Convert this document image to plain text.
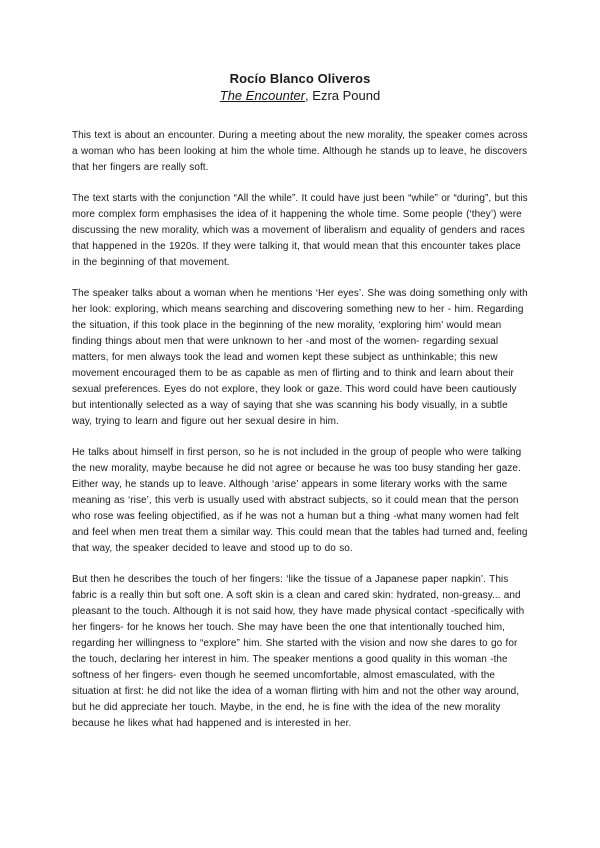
Rocío Blanco Oliveros

The Encounter, Ezra Pound

This text is about an encounter. During a meeting about the new morality, the speaker comes across a woman who has been looking at him the whole time. Although he stands up to leave, he discovers that her fingers are really soft.

The text starts with the conjunction “All the while”. It could have just been “while” or “during”, but this more complex form emphasises the idea of it happening the whole time. Some people (‘they’) were discussing the new morality, which was a movement of liberalism and equality of genders and races that happened in the 1920s. If they were talking it, that would mean that this encounter takes place in the beginning of that movement.

The speaker talks about a woman when he mentions ‘Her eyes’. She was doing something only with her look: exploring, which means searching and discovering something new to her - him. Regarding the situation, if this took place in the beginning of the new morality, ‘exploring him’ would mean finding things about men that were unknown to her -and most of the women- regarding sexual matters, for men always took the lead and women kept these subject as unthinkable; this new movement encouraged them to be as capable as men of flirting and to think and learn about their sexual preferences. Eyes do not explore, they look or gaze. This word could have been cautiously but intentionally selected as a way of saying that she was scanning his body visually, in a subtle way, trying to learn and figure out her sexual desire in him.

He talks about himself in first person, so he is not included in the group of people who were talking the new morality, maybe because he did not agree or because he was too busy standing her gaze. Either way, he stands up to leave. Although ‘arise’ appears in some literary works with the same meaning as ‘rise’, this verb is usually used with abstract subjects, so it could mean that the person who rose was feeling objectified, as if he was not a human but a thing -what many women had felt and feel when men treat them a similar way. This could mean that the tables had turned and, feeling that way, the speaker decided to leave and stood up to do so.

But then he describes the touch of her fingers: ‘like the tissue of a Japanese paper napkin’. This fabric is a really thin but soft one. A soft skin is a clean and cared skin: hydrated, non-greasy... and pleasant to the touch. Although it is not said how, they have made physical contact -specifically with her fingers- for he knows her touch. She may have been the one that intentionally touched him, regarding her willingness to “explore” him. She started with the vision and now she dares to go for the touch, declaring her interest in him. The speaker mentions a good quality in this woman -the softness of her fingers- even though he seemed uncomfortable, almost emasculated, with the situation at first: he did not like the idea of a woman flirting with him and not the other way around, but he did appreciate her touch. Maybe, in the end, he is fine with the idea of the new morality because he likes what had happened and is interested in her.
